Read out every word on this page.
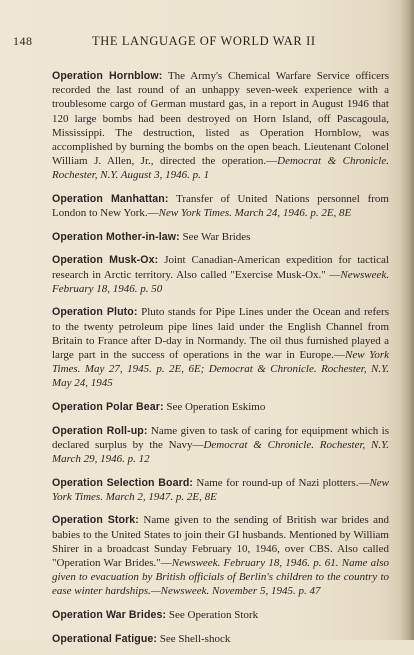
148	THE LANGUAGE OF WORLD WAR II

Operation Hornblow: The Army's Chemical Warfare Service officers recorded the last round of an unhappy seven-week experience with a troublesome cargo of German mustard gas, in a report in August 1946 that 120 large bombs had been destroyed on Horn Island, off Pascagoula, Mississippi. The destruction, listed as Operation Hornblow, was accomplished by burning the bombs on the open beach. Lieutenant Colonel William J. Allen, Jr., directed the operation.—Democrat & Chronicle. Rochester, N.Y. August 3, 1946. p. 1

Operation Manhattan: Transfer of United Nations personnel from London to New York.—New York Times. March 24, 1946. p. 2E, 8E

Operation Mother-in-law: See War Brides

Operation Musk-Ox: Joint Canadian-American expedition for tactical research in Arctic territory. Also called "Exercise Musk-Ox." —Newsweek. February 18, 1946. p. 50

Operation Pluto: Pluto stands for Pipe Lines under the Ocean and refers to the twenty petroleum pipe lines laid under the English Channel from Britain to France after D-day in Normandy. The oil thus furnished played a large part in the success of operations in the war in Europe.—New York Times. May 27, 1945. p. 2E, 6E; Democrat & Chronicle. Rochester, N.Y. May 24, 1945

Operation Polar Bear: See Operation Eskimo

Operation Roll-up: Name given to task of caring for equipment which is declared surplus by the Navy—Democrat & Chronicle. Rochester, N.Y. March 29, 1946. p. 12

Operation Selection Board: Name for round-up of Nazi plotters.—New York Times. March 2, 1947. p. 2E, 8E

Operation Stork: Name given to the sending of British war brides and babies to the United States to join their GI husbands. Mentioned by William Shirer in a broadcast Sunday February 10, 1946, over CBS. Also called "Operation War Brides."—Newsweek. February 18, 1946. p. 61. Name also given to evacuation by British officials of Berlin's children to the country to ease winter hardships.—Newsweek. November 5, 1945. p. 47

Operation War Brides: See Operation Stork

Operational Fatigue: See Shell-shock
